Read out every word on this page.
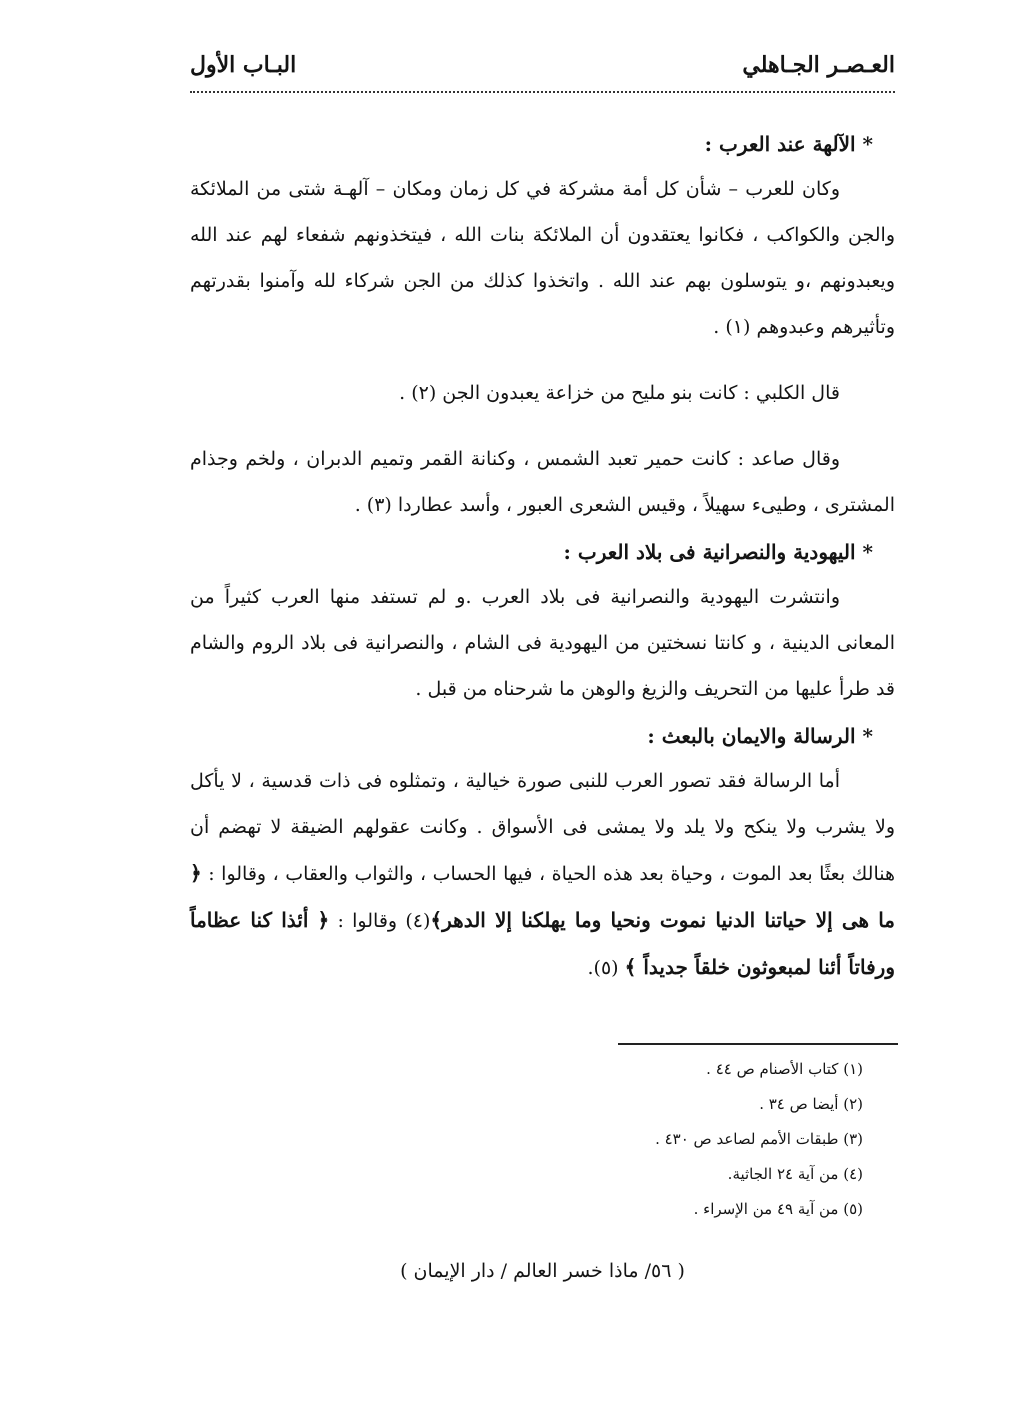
العـصـر الجـاهلي
البـاب الأول
* الآلهة عند العرب :

وكان للعرب – شأن كل أمة مشركة في كل زمان ومكان – آلهـة شتى من الملائكة والجن والكواكب ، فكانوا يعتقدون أن الملائكة بنات الله ، فيتخذونهم شفعاء لهم عند الله ويعبدونهم ،و يتوسلون بهم عند الله . واتخذوا كذلك من الجن شركاء لله وآمنوا بقدرتهم وتأثيرهم وعبدوهم (١) .

قال الكلبي : كانت بنو مليح من خزاعة يعبدون الجن (٢) .

وقال صاعد : كانت حمير تعبد الشمس ، وكنانة القمر وتميم الدبران ، ولخم وجذام المشترى ، وطيىء سهيلاً ، وقيس الشعرى العبور ، وأسد عطاردا (٣) .

* اليهودية والنصرانية فى بلاد العرب :

وانتشرت اليهودية والنصرانية فى بلاد العرب .و لم تستفد منها العرب كثيراً من المعانى الدينية ، و كانتا نسختين من اليهودية فى الشام ، والنصرانية فى بلاد الروم والشام قد طرأ عليها من التحريف والزيغ والوهن ما شرحناه من قبل .

* الرسالة والايمان بالبعث :

أما الرسالة فقد تصور العرب للنبى صورة خيالية ، وتمثلوه فى ذات قدسية ، لا يأكل ولا يشرب ولا ينكح ولا يلد ولا يمشى فى الأسواق . وكانت عقولهم الضيقة لا تهضم أن هنالك بعثًا بعد الموت ، وحياة بعد هذه الحياة ، فيها الحساب ، والثواب والعقاب ، وقالوا : ﴿ ما هى إلا حياتنا الدنيا نموت ونحيا وما يهلكنا إلا الدهر﴾(٤) وقالوا : ﴿ أئذا كنا عظاماً ورفاتاً أئنا لمبعوثون خلقاً جديداً ﴾ (٥).

(١) كتاب الأصنام ص ٤٤ .
(٢) أيضا ص ٣٤ .
(٣) طبقات الأمم لصاعد ص ٤٣٠ .
(٤) من آية ٢٤ الجاثية.
(٥) من آية ٤٩ من الإسراء .
( ٥٦/ ماذا خسر العالم / دار الإيمان )
